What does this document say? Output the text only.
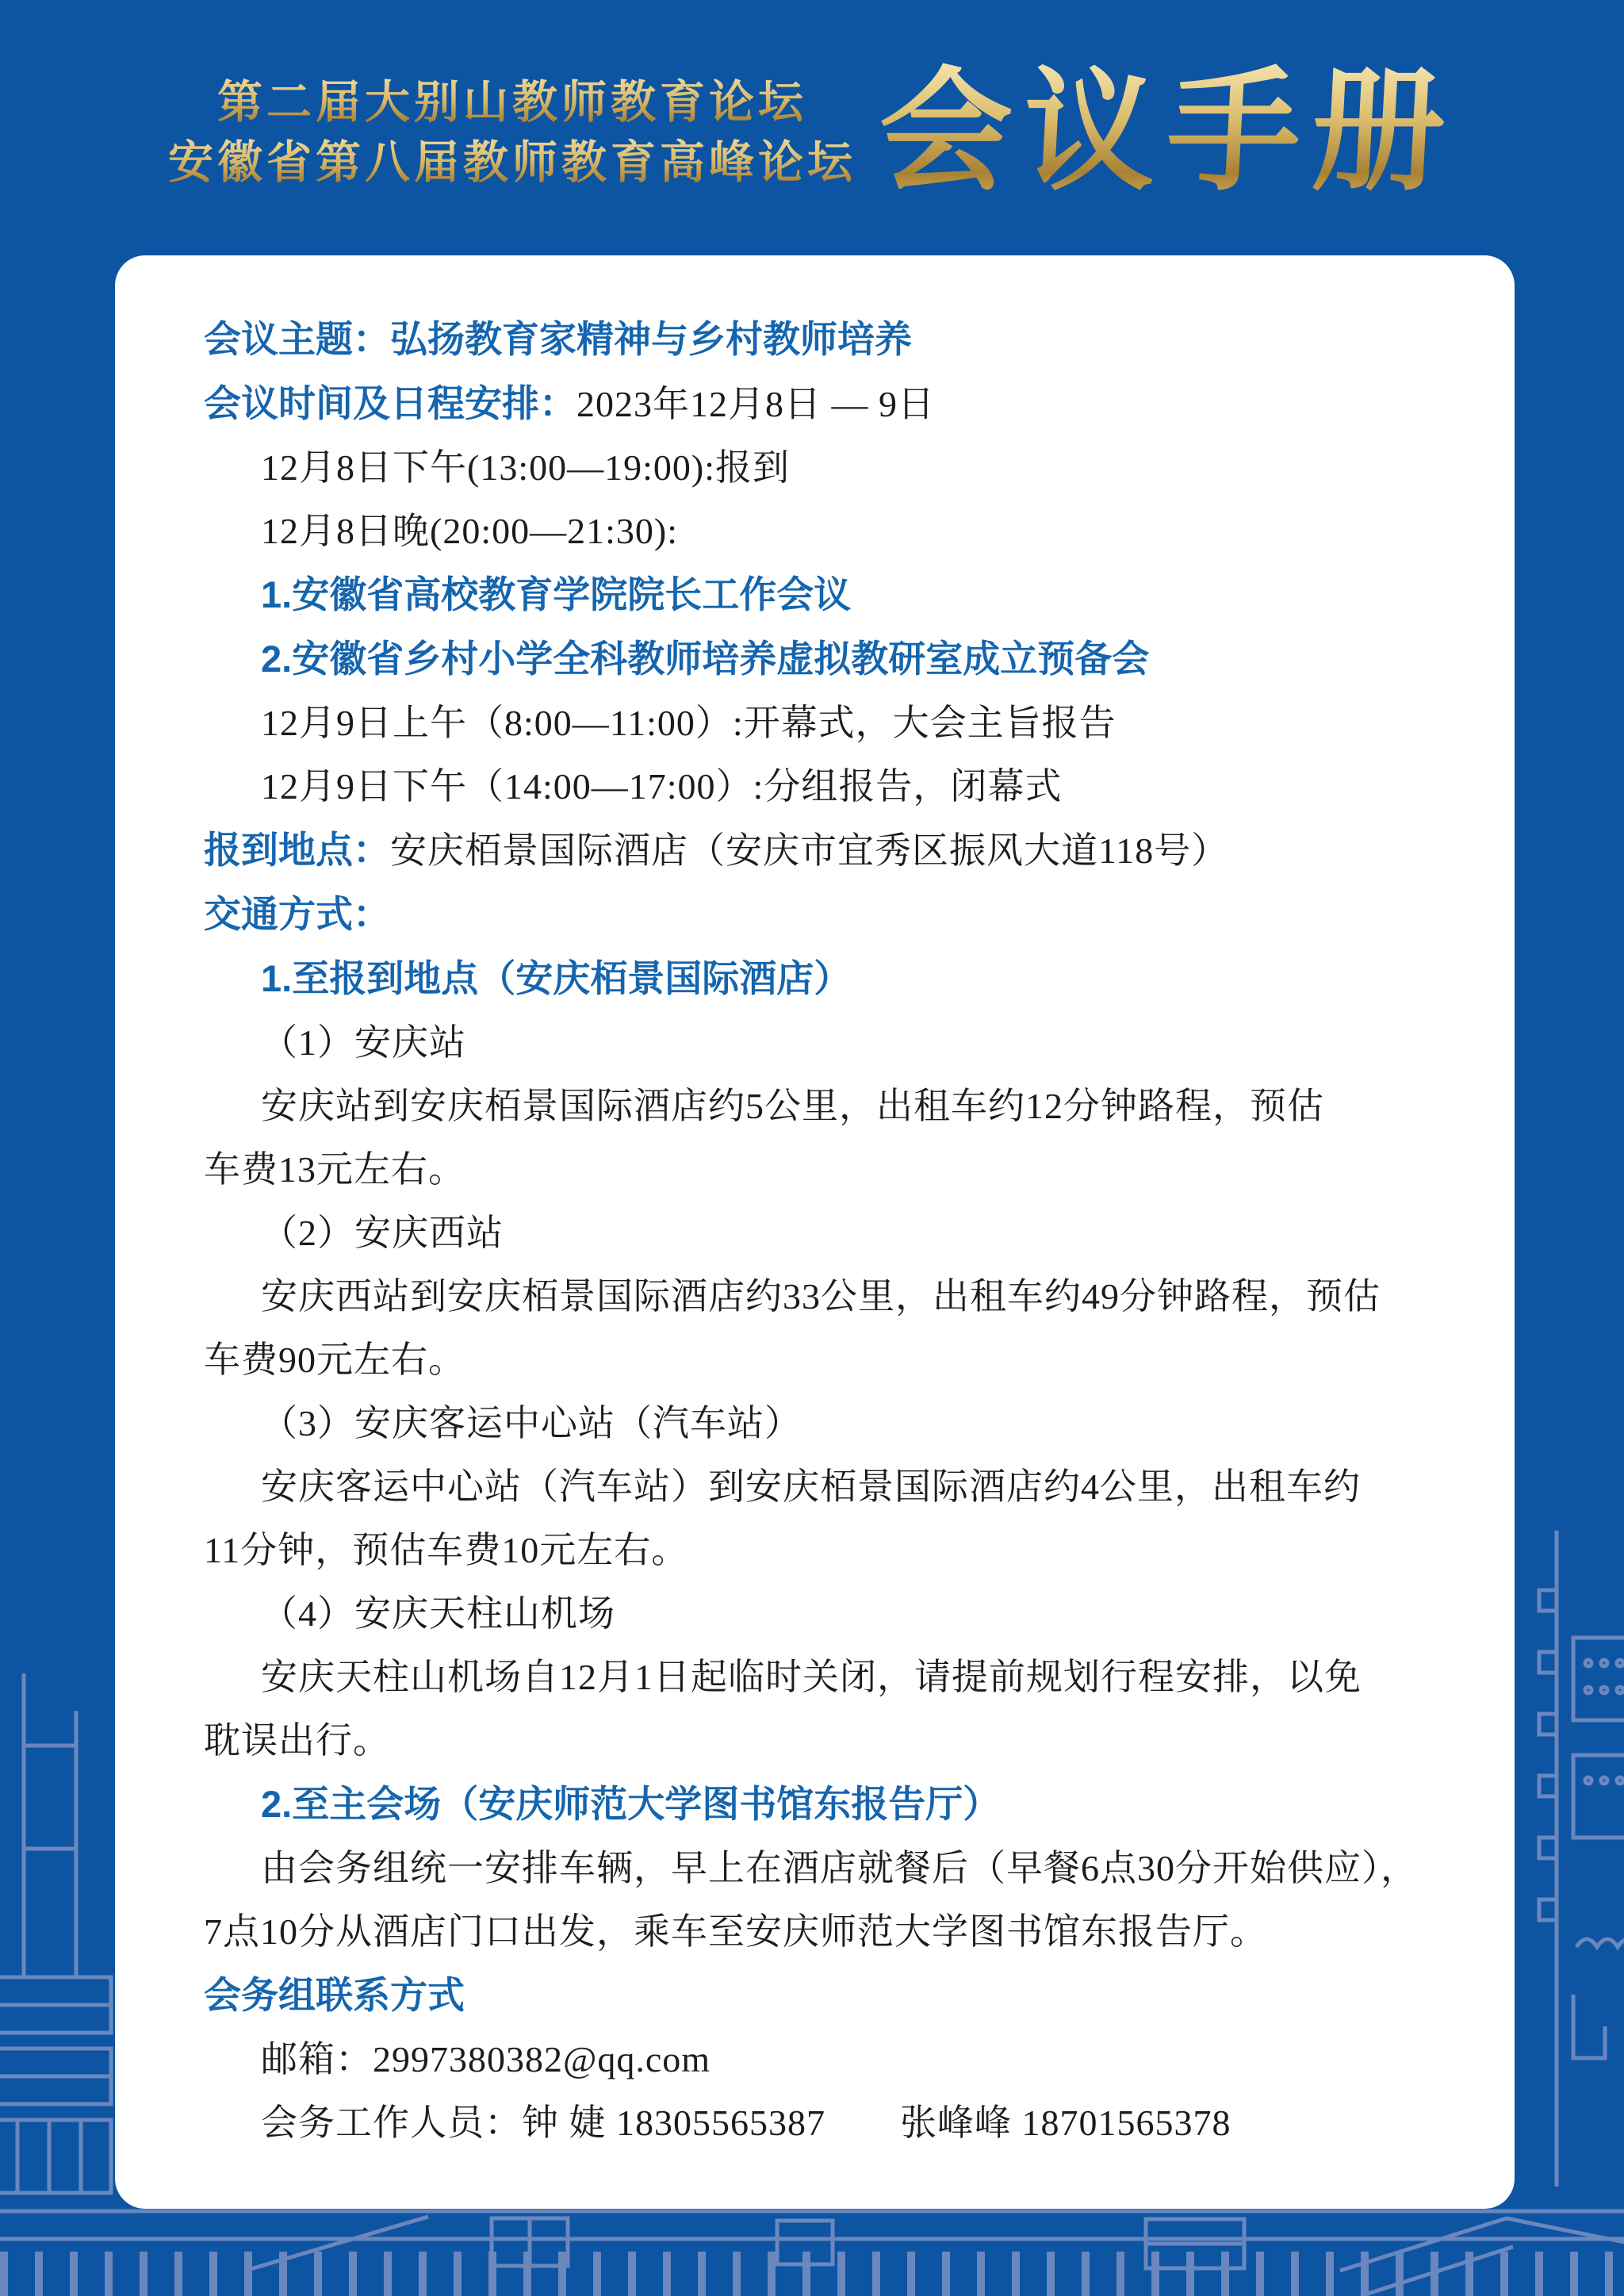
第二届大别山教师教育论坛
安徽省第八届教师教育高峰论坛 会议手册

会议主题：弘扬教育家精神与乡村教师培养

会议时间及日程安排：2023年12月8日 — 9日

12月8日下午(13:00—19:00):报到

12月8日晚(20:00—21:30):

1.安徽省高校教育学院院长工作会议

2.安徽省乡村小学全科教师培养虚拟教研室成立预备会

12月9日上午（8:00—11:00）:开幕式，大会主旨报告

12月9日下午（14:00—17:00）:分组报告，闭幕式

报到地点：安庆栢景国际酒店（安庆市宜秀区振风大道118号）

交通方式：

1.至报到地点（安庆栢景国际酒店）

（1）安庆站

安庆站到安庆栢景国际酒店约5公里，出租车约12分钟路程，预估

车费13元左右。

（2）安庆西站

安庆西站到安庆栢景国际酒店约33公里，出租车约49分钟路程，预估

车费90元左右。

（3）安庆客运中心站（汽车站）

安庆客运中心站（汽车站）到安庆栢景国际酒店约4公里，出租车约

11分钟，预估车费10元左右。

（4）安庆天柱山机场

安庆天柱山机场自12月1日起临时关闭，请提前规划行程安排，以免

耽误出行。

2.至主会场（安庆师范大学图书馆东报告厅）

由会务组统一安排车辆，早上在酒店就餐后（早餐6点30分开始供应），

7点10分从酒店门口出发，乘车至安庆师范大学图书馆东报告厅。

会务组联系方式

邮箱：2997380382@qq.com

会务工作人员：钟 婕 18305565387　　张峰峰 18701565378
